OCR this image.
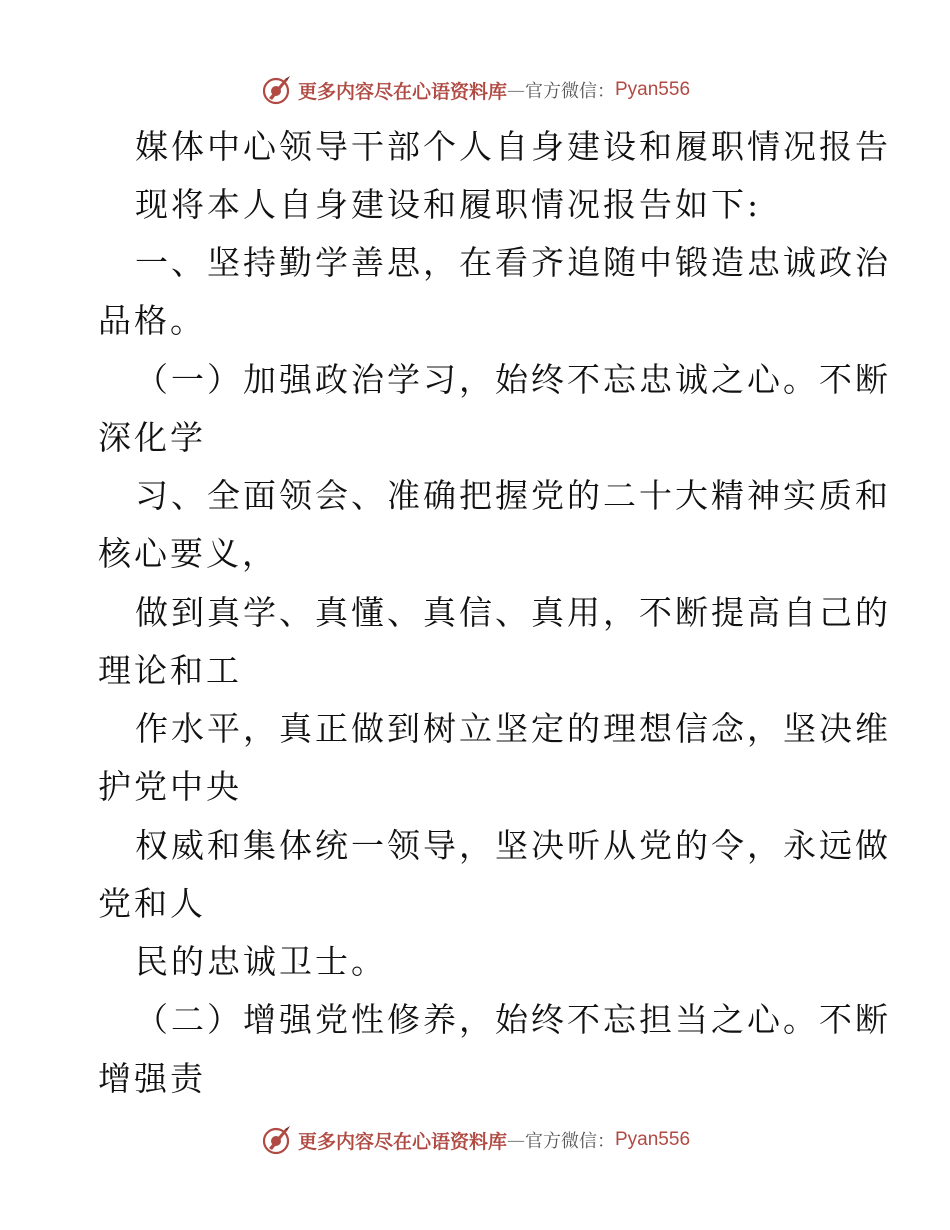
更多内容尽在心语资料库 — 官方微信： Pyan556
媒体中心领导干部个人自身建设和履职情况报告
现将本人自身建设和履职情况报告如下:
一、坚持勤学善思，在看齐追随中锻造忠诚政治
品格。
（一）加强政治学习，始终不忘忠诚之心。不断
深化学
习、全面领会、准确把握党的二十大精神实质和
核心要义，
做到真学、真懂、真信、真用，不断提高自己的
理论和工
作水平，真正做到树立坚定的理想信念，坚决维
护党中央
权威和集体统一领导，坚决听从党的令，永远做
党和人
民的忠诚卫士。
（二）增强党性修养，始终不忘担当之心。不断
增强责
更多内容尽在心语资料库 — 官方微信： Pyan556
